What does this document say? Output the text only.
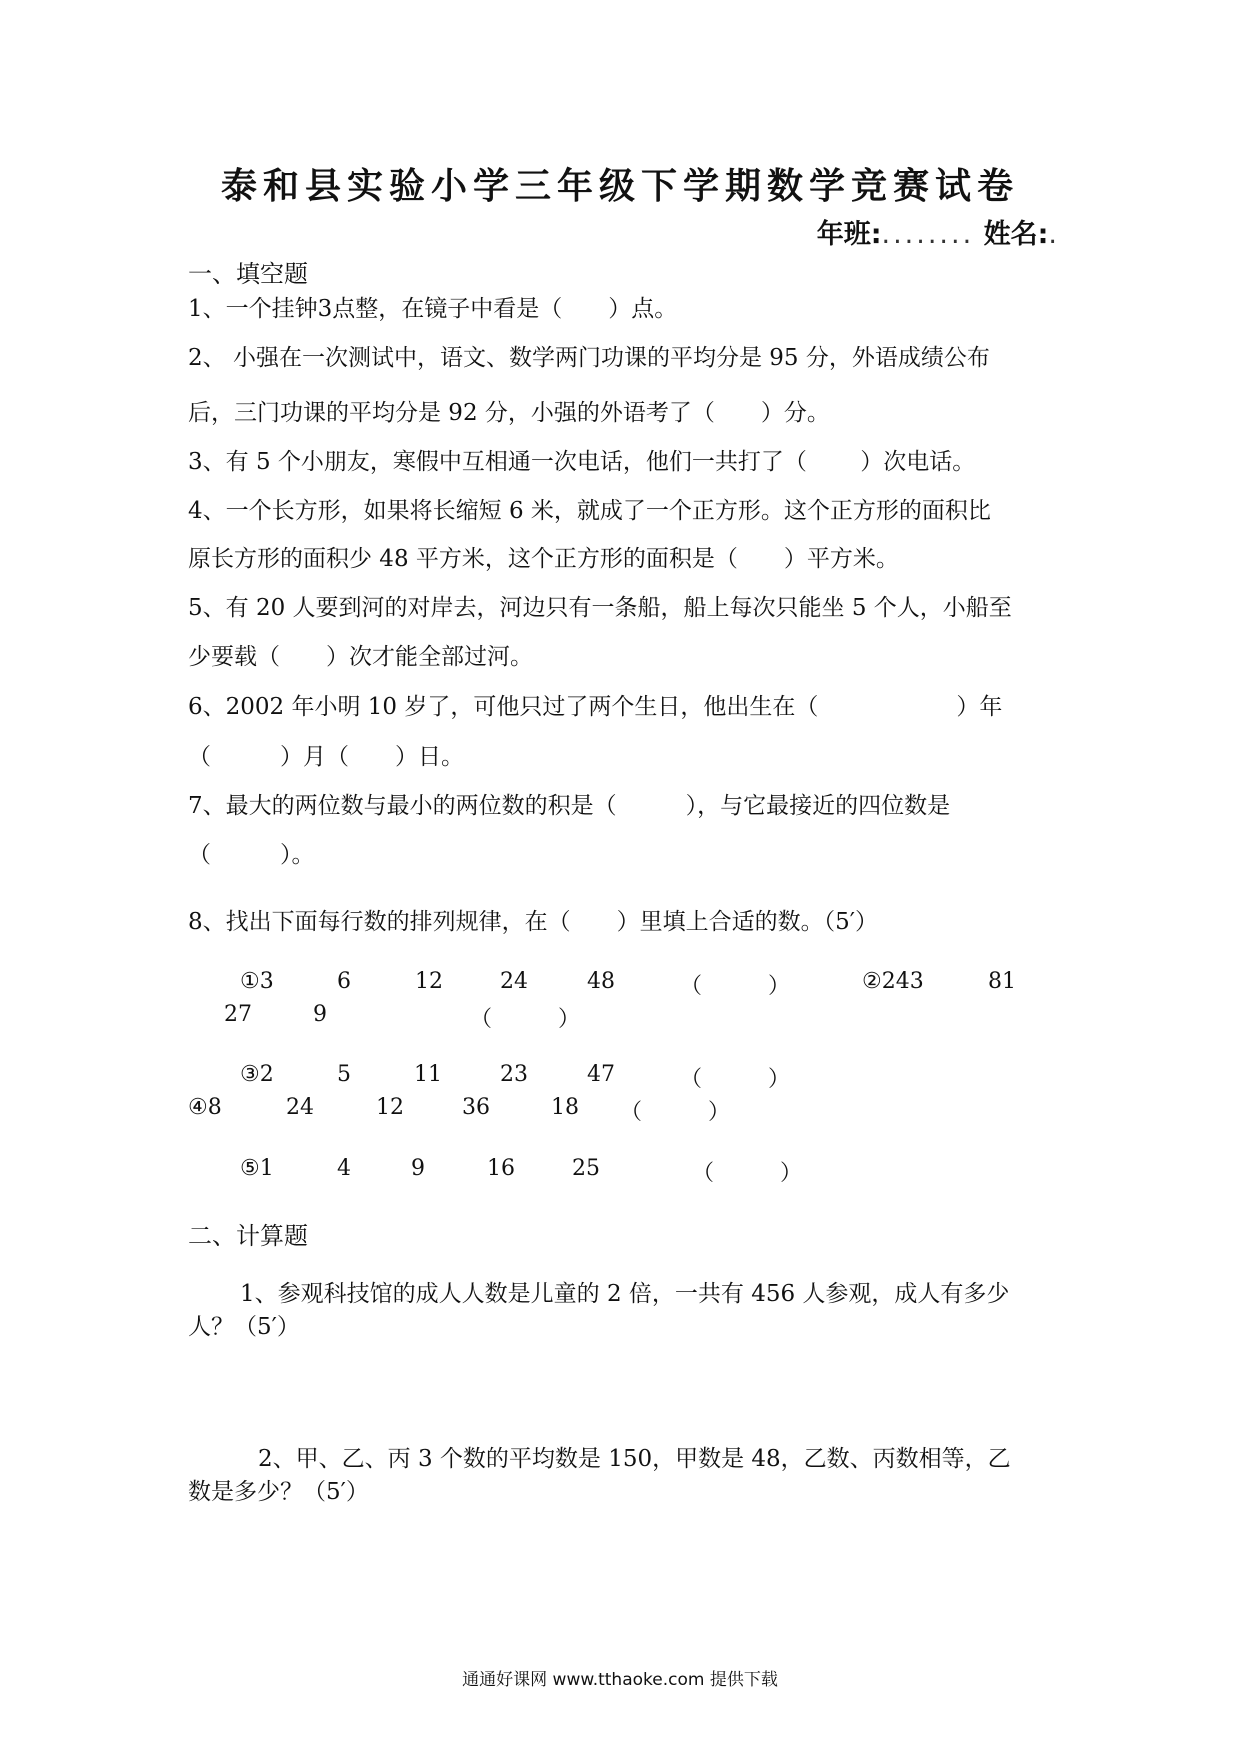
泰和县实验小学三年级下学期数学竞赛试卷
年班:........ 姓名:.
一、填空题
1、一个挂钟3点整，在镜子中看是（　　）点。
2、 小强在一次测试中，语文、数学两门功课的平均分是 95 分，外语成绩公布
后，三门功课的平均分是 92 分，小强的外语考了（　　）分。
3、有 5 个小朋友，寒假中互相通一次电话，他们一共打了（　　 ）次电话。
4、一个长方形，如果将长缩短 6 米，就成了一个正方形。这个正方形的面积比
原长方形的面积少 48 平方米，这个正方形的面积是（　　）平方米。
5、有 20 人要到河的对岸去，河边只有一条船，船上每次只能坐 5 个人，小船至
少要载（　　）次才能全部过河。
6、2002 年小明 10 岁了，可他只过了两个生日，他出生在（　　　　　　）年
（　　　）月（　　）日。
7、最大的两位数与最小的两位数的积是（　　　），与它最接近的四位数是
（　　　）。
8、找出下面每行数的排列规律，在（　　）里填上合适的数。（5′）
①3	6	12	24	48	（　　　）	②243	81
27	9	（　　　）
③2	5	11	23	47	（　　　）
④8	24	12	36	18 （　　　）
⑤1	4	9	16	25	（　　　）
二、计算题
1、参观科技馆的成人人数是儿童的 2 倍，一共有 456 人参观，成人有多少
人？（5′）
2、甲、乙、丙 3 个数的平均数是 150，甲数是 48，乙数、丙数相等，乙
数是多少？（5′）
通通好课网 www.tthaoke.com 提供下载
